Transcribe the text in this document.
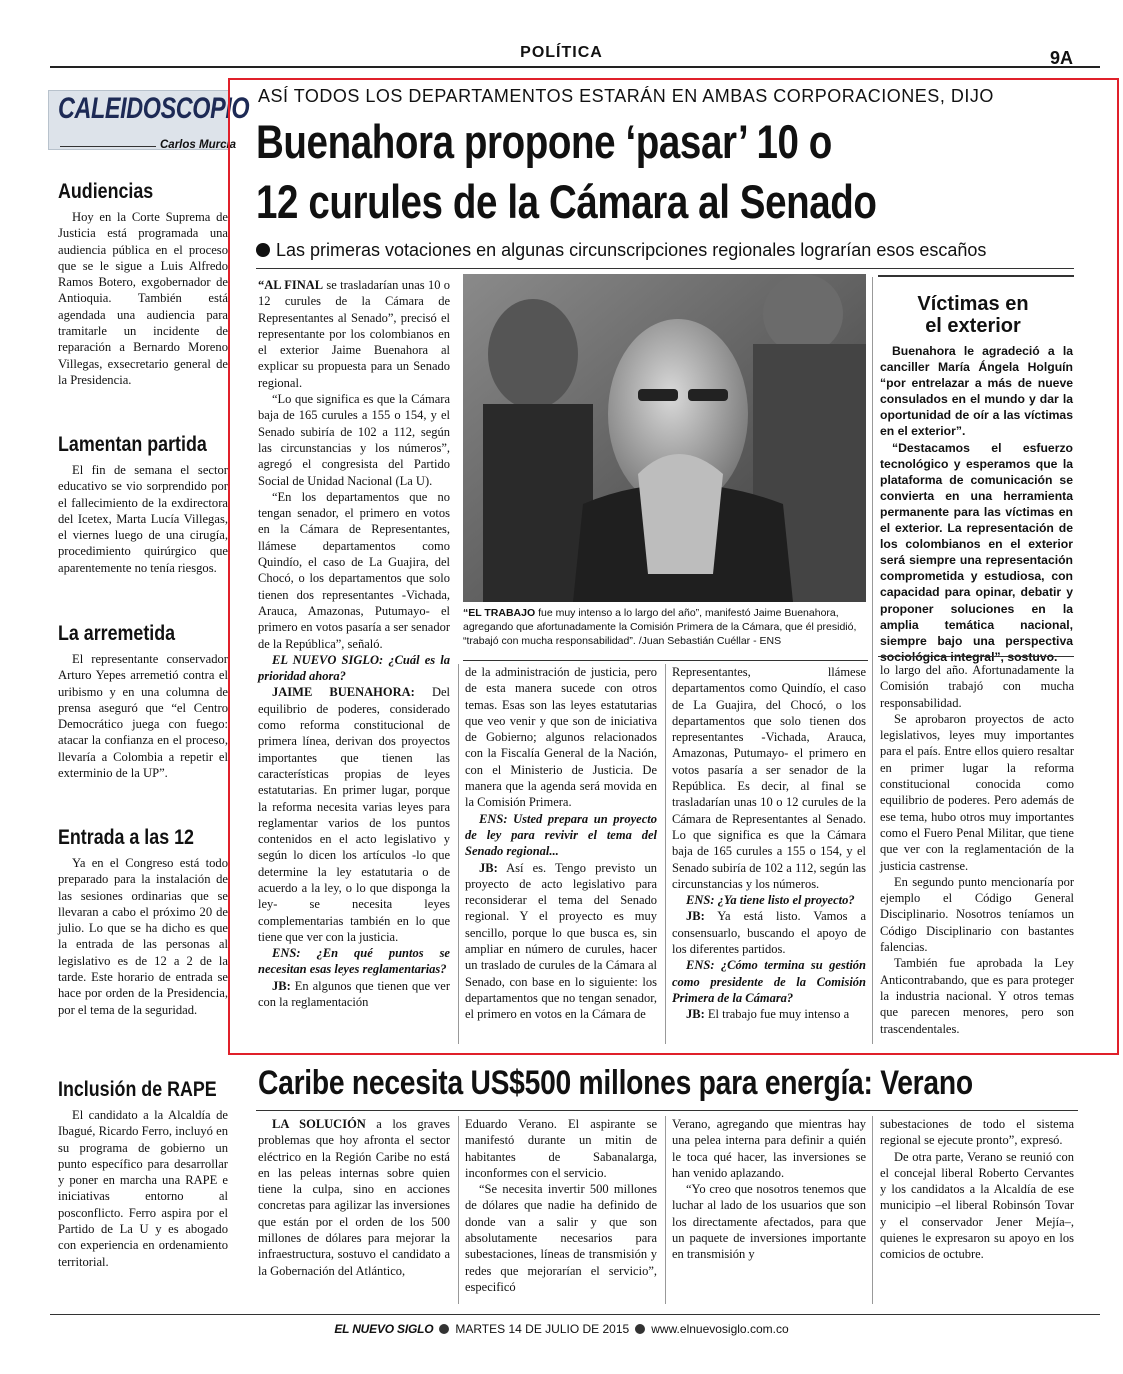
POLÍTICA	9A
CALEIDOSCOPIO
Carlos Murcia
Audiencias

Hoy en la Corte Suprema de Justicia está programada una audiencia pública en el proceso que se le sigue a Luis Alfredo Ramos Botero, exgobernador de Antioquia. También está agendada una audiencia para tramitarle un incidente de reparación a Bernardo Moreno Villegas, exsecretario general de la Presidencia.

Lamentan partida

El fin de semana el sector educativo se vio sorprendido por el fallecimiento de la exdirectora del Icetex, Marta Lucía Villegas, el viernes luego de una cirugía, procedimiento quirúrgico que aparentemente no tenía riesgos.

La arremetida

El representante conservador Arturo Yepes arremetió contra el uribismo y en una columna de prensa aseguró que “el Centro Democrático juega con fuego: atacar la confianza en el proceso, llevaría a Colombia a repetir el exterminio de la UP”.

Entrada a las 12

Ya en el Congreso está todo preparado para la instalación de las sesiones ordinarias que se llevaran a cabo el próximo 20 de julio. Lo que se ha dicho es que la entrada de las personas al legislativo es de 12 a 2 de la tarde. Este horario de entrada se hace por orden de la Presidencia, por el tema de la seguridad.

Inclusión de RAPE

El candidato a la Alcaldía de Ibagué, Ricardo Ferro, incluyó en su programa de gobierno un punto específico para desarrollar y poner en marcha una RAPE e iniciativas entorno al posconflicto. Ferro aspira por el Partido de La U y es abogado con experiencia en ordenamiento territorial.

ASÍ TODOS LOS DEPARTAMENTOS ESTARÁN EN AMBAS CORPORACIONES, DIJO
Buenahora propone ‘pasar’ 10 o
12 curules de la Cámara al Senado
Las primeras votaciones en algunas circunscripciones regionales lograrían esos escaños

“AL FINAL se trasladarían unas 10 o 12 curules de la Cámara de Representantes al Senado”, precisó el representante por los colombianos en el exterior Jaime Buenahora al explicar su propuesta para un Senado regional.

“Lo que significa es que la Cámara baja de 165 curules a 155 o 154, y el Senado subiría de 102 a 112, según las circunstancias y los números”, agregó el congresista del Partido Social de Unidad Nacional (La U).

“En los departamentos que no tengan senador, el primero en votos en la Cámara de Representantes, llámese departamentos como Quindío, el caso de La Guajira, del Chocó, o los departamentos que solo tienen dos representantes -Vichada, Arauca, Amazonas, Putumayo- el primero en votos pasaría a ser senador de la República”, señaló.

EL NUEVO SIGLO: ¿Cuál es la prioridad ahora?

JAIME BUENAHORA: Del equilibrio de poderes, considerado como reforma constitucional de primera línea, derivan dos proyectos importantes que tienen las características propias de leyes estatutarias. En primer lugar, porque la reforma necesita varias leyes para reglamentar varios de los puntos contenidos en el acto legislativo y según lo dicen los artículos -lo que determine la ley estatutaria o de acuerdo a la ley, o lo que disponga la ley- se necesita leyes complementarias también en lo que tiene que ver con la justicia.

ENS: ¿En qué puntos se necesitan esas leyes reglamentarias?

JB: En algunos que tienen que ver con la reglamentación

“EL TRABAJO fue muy intenso a lo largo del año”, manifestó Jaime Buenahora, agregando que afortunadamente la Comisión Primera de la Cámara, que él presidió, “trabajó con mucha responsabilidad”. /Juan Sebastián Cuéllar - ENS

de la administración de justicia, pero de esta manera sucede con otros temas. Esas son las leyes estatutarias que veo venir y que son de iniciativa de Gobierno; algunos relacionados con la Fiscalía General de la Nación, con el Ministerio de Justicia. De manera que la agenda será movida en la Comisión Primera.

ENS: Usted prepara un proyecto de ley para revivir el tema del Senado regional...

JB: Así es. Tengo previsto un proyecto de acto legislativo para reconsiderar el tema del Senado regional. Y el proyecto es muy sencillo, porque lo que busca es, sin ampliar en número de curules, hacer un traslado de curules de la Cámara al Senado, con base en lo siguiente: los departamentos que no tengan senador, el primero en votos en la Cámara de

Representantes, llámese departamentos como Quindío, el caso de La Guajira, del Chocó, o los departamentos que solo tienen dos representantes -Vichada, Arauca, Amazonas, Putumayo- el primero en votos pasaría a ser senador de la República. Es decir, al final se trasladarían unas 10 o 12 curules de la Cámara de Representantes al Senado. Lo que significa es que la Cámara baja de 165 curules a 155 o 154, y el Senado subiría de 102 a 112, según las circunstancias y los números.

ENS: ¿Ya tiene listo el proyecto?

JB: Ya está listo. Vamos a consensuarlo, buscando el apoyo de los diferentes partidos.

ENS: ¿Cómo termina su gestión como presidente de la Comisión Primera de la Cámara?

JB: El trabajo fue muy intenso a

Víctimas en
el exterior

Buenahora le agradeció a la canciller María Ángela Holguín “por entrelazar a más de nueve consulados en el mundo y dar la oportunidad de oír a las víctimas en el exterior”.

“Destacamos el esfuerzo tecnológico y esperamos que la plataforma de comunicación se convierta en una herramienta permanente para las víctimas en el exterior. La representación de los colombianos en el exterior será siempre una representación comprometida y estudiosa, con capacidad para opinar, debatir y proponer soluciones en la amplia temática nacional, siempre bajo una perspectiva sociológica integral”, sostuvo.

lo largo del año. Afortunadamente la Comisión trabajó con mucha responsabilidad.

Se aprobaron proyectos de acto legislativos, leyes muy importantes para el país. Entre ellos quiero resaltar en primer lugar la reforma constitucional conocida como equilibrio de poderes. Pero además de ese tema, hubo otros muy importantes como el Fuero Penal Militar, que tiene que ver con la reglamentación de la justicia castrense.

En segundo punto mencionaría por ejemplo el Código General Disciplinario. Nosotros teníamos un Código Disciplinario con bastantes falencias.

También fue aprobada la Ley Anticontrabando, que es para proteger la industria nacional. Y otros temas que parecen menores, pero son trascendentales.

Caribe necesita US$500 millones para energía: Verano

LA SOLUCIÓN a los graves problemas que hoy afronta el sector eléctrico en la Región Caribe no está en las peleas internas sobre quien tiene la culpa, sino en acciones concretas para agilizar las inversiones que están por el orden de los 500 millones de dólares para mejorar la infraestructura, sostuvo el candidato a la Gobernación del Atlántico,

Eduardo Verano. El aspirante se manifestó durante un mitin de habitantes de Sabanalarga, inconformes con el servicio.

“Se necesita invertir 500 millones de dólares que nadie ha definido de donde van a salir y que son absolutamente necesarios para subestaciones, líneas de transmisión y redes que mejorarían el servicio”, especificó

Verano, agregando que mientras hay una pelea interna para definir a quién le toca qué hacer, las inversiones se han venido aplazando.

“Yo creo que nosotros tenemos que luchar al lado de los usuarios que son los directamente afectados, para que un paquete de inversiones importante en transmisión y

subestaciones de todo el sistema regional se ejecute pronto”, expresó.

De otra parte, Verano se reunió con el concejal liberal Roberto Cervantes y los candidatos a la Alcaldía de ese municipio –el liberal Robinsón Tovar y el conservador Jener Mejía–, quienes le expresaron su apoyo en los comicios de octubre.

EL NUEVO SIGLO MARTES 14 DE JULIO DE 2015 www.elnuevosiglo.com.co
